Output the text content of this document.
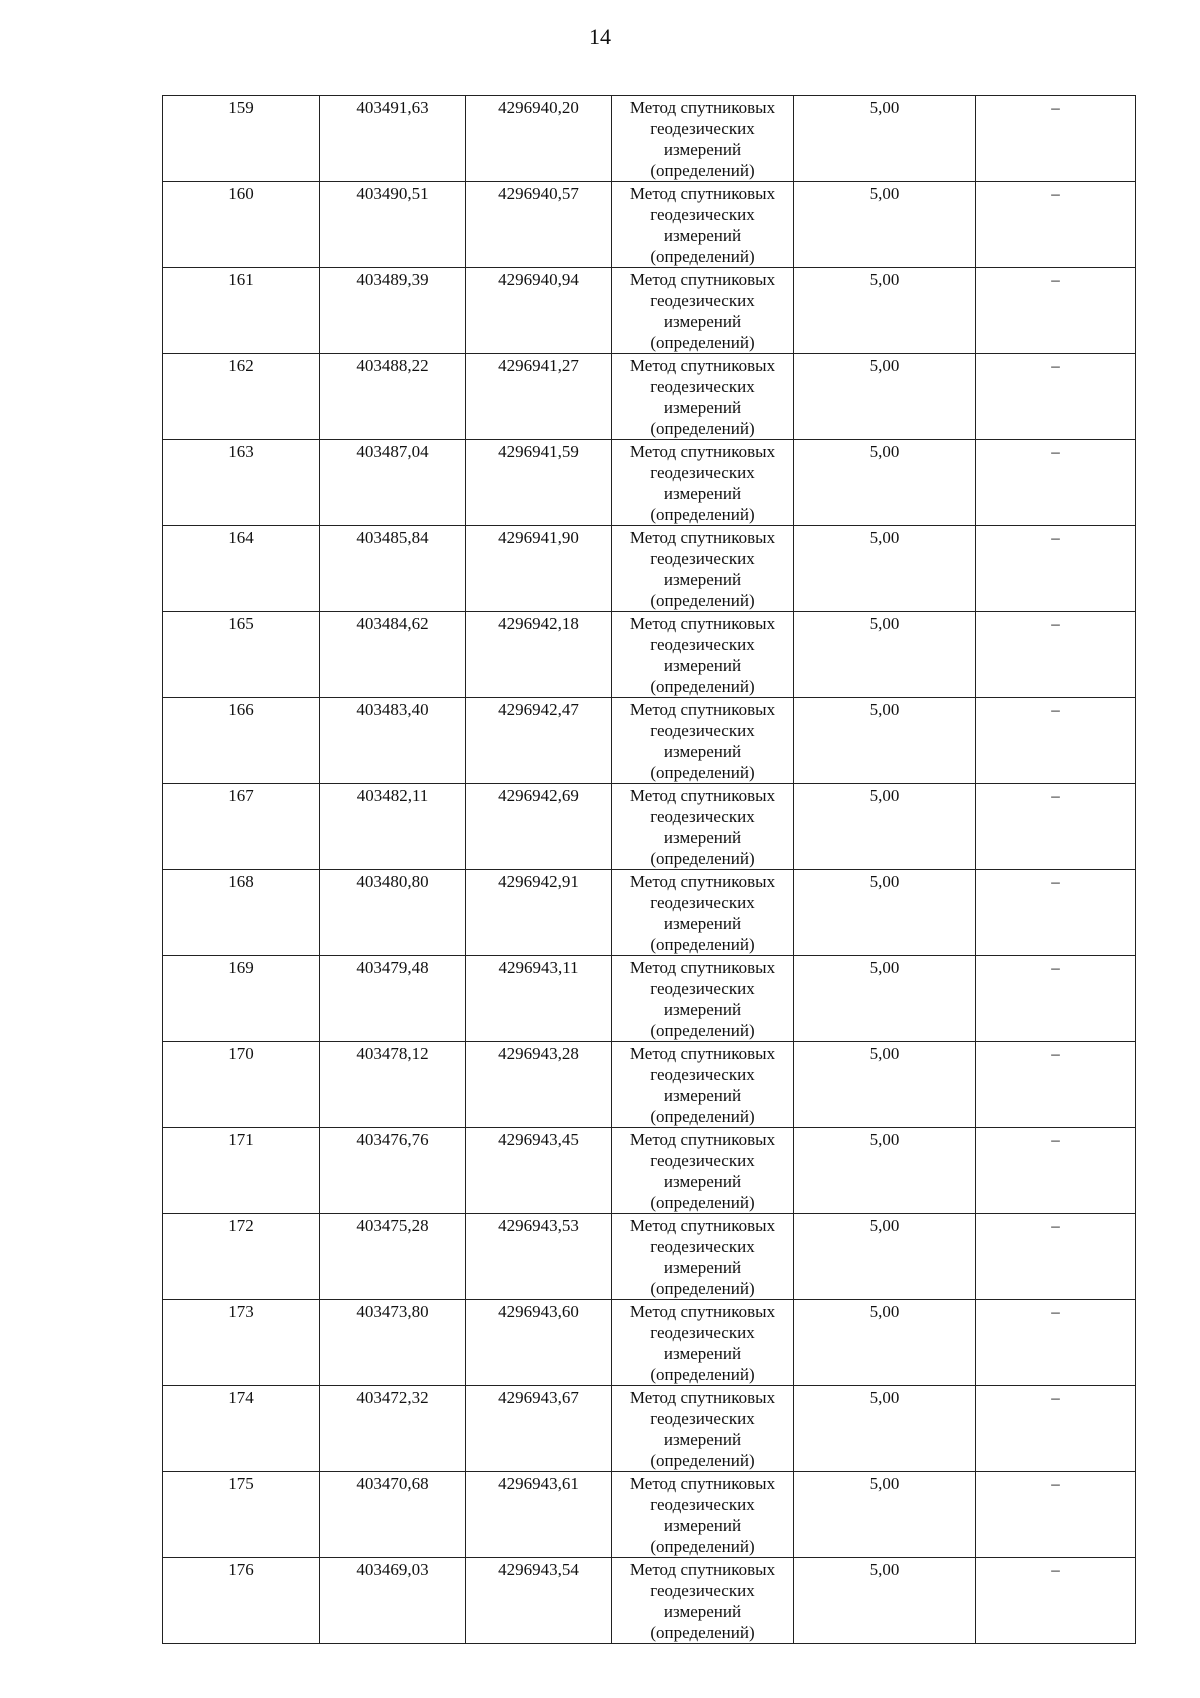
14
159	403491,63	4296940,20	Метод спутниковых геодезических измерений (определений)	5,00	–

160	403490,51	4296940,57	Метод спутниковых геодезических измерений (определений)	5,00	–

161	403489,39	4296940,94	Метод спутниковых геодезических измерений (определений)	5,00	–

162	403488,22	4296941,27	Метод спутниковых геодезических измерений (определений)	5,00	–

163	403487,04	4296941,59	Метод спутниковых геодезических измерений (определений)	5,00	–

164	403485,84	4296941,90	Метод спутниковых геодезических измерений (определений)	5,00	–

165	403484,62	4296942,18	Метод спутниковых геодезических измерений (определений)	5,00	–

166	403483,40	4296942,47	Метод спутниковых геодезических измерений (определений)	5,00	–

167	403482,11	4296942,69	Метод спутниковых геодезических измерений (определений)	5,00	–

168	403480,80	4296942,91	Метод спутниковых геодезических измерений (определений)	5,00	–

169	403479,48	4296943,11	Метод спутниковых геодезических измерений (определений)	5,00	–

170	403478,12	4296943,28	Метод спутниковых геодезических измерений (определений)	5,00	–

171	403476,76	4296943,45	Метод спутниковых геодезических измерений (определений)	5,00	–

172	403475,28	4296943,53	Метод спутниковых геодезических измерений (определений)	5,00	–

173	403473,80	4296943,60	Метод спутниковых геодезических измерений (определений)	5,00	–

174	403472,32	4296943,67	Метод спутниковых геодезических измерений (определений)	5,00	–

175	403470,68	4296943,61	Метод спутниковых геодезических измерений (определений)	5,00	–

176	403469,03	4296943,54	Метод спутниковых геодезических измерений (определений)	5,00	–
